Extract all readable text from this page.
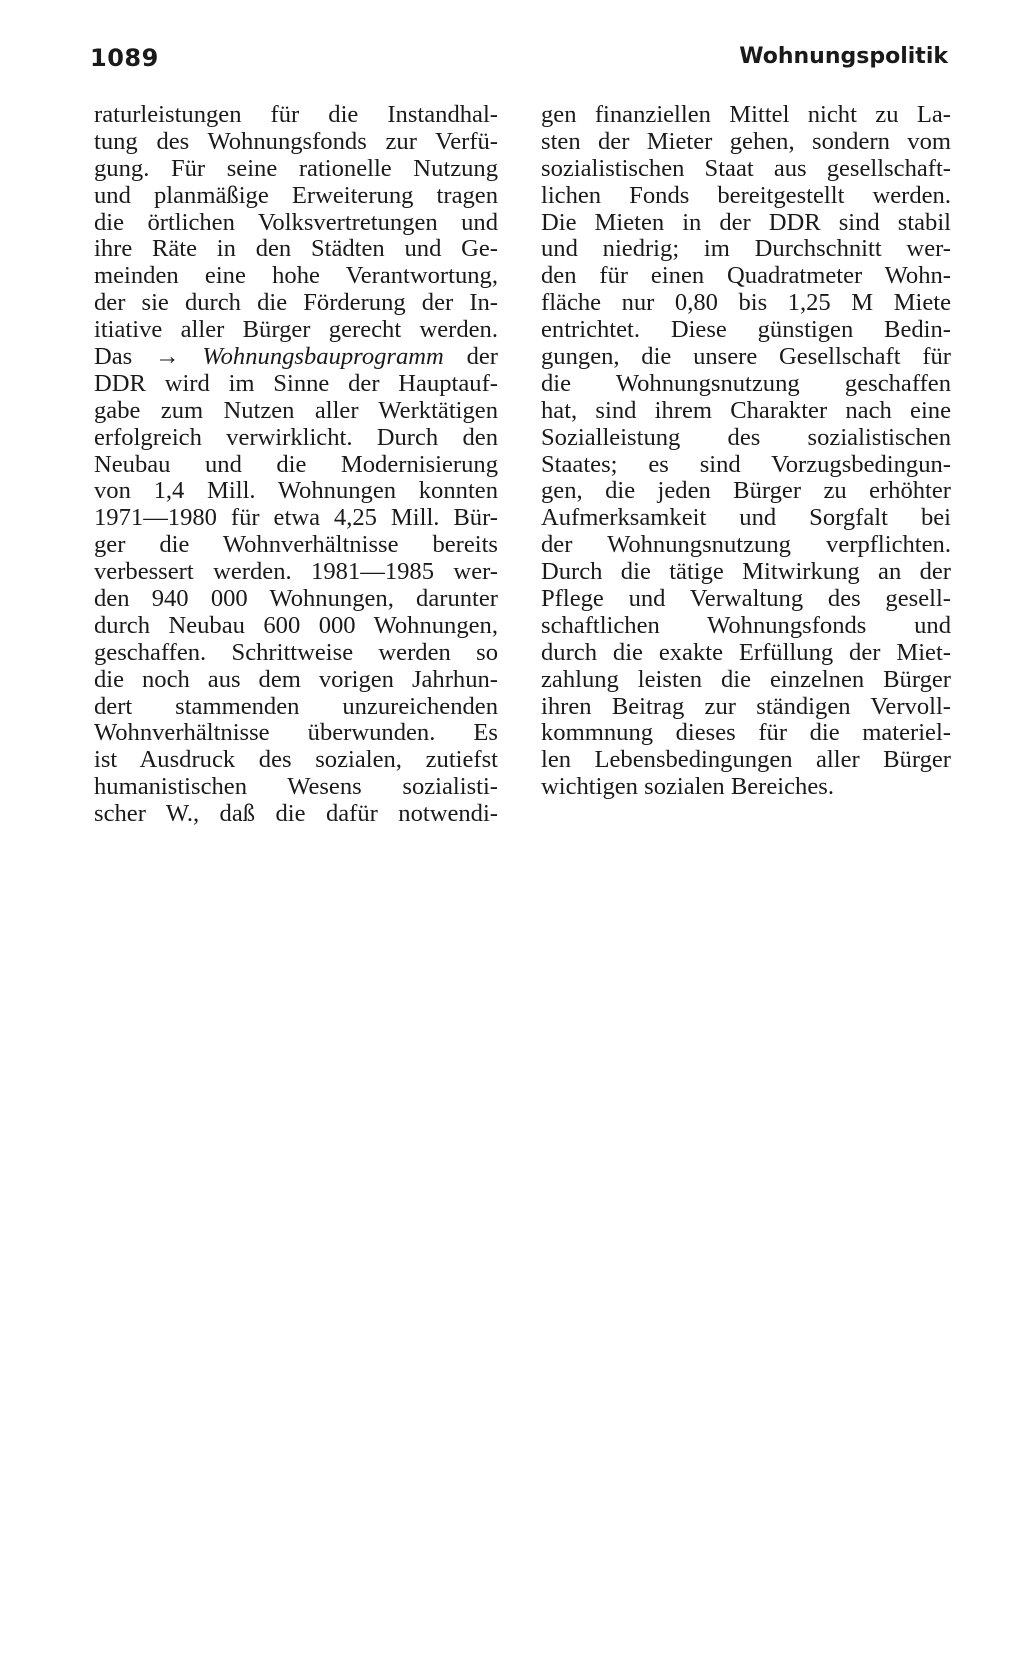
1089	Wohnungspolitik
raturleistungen für die Instandhal-
tung des Wohnungsfonds zur Verfü-
gung. Für seine rationelle Nutzung
und planmäßige Erweiterung tragen
die örtlichen Volksvertretungen und
ihre Räte in den Städten und Ge-
meinden eine hohe Verantwortung,
der sie durch die Förderung der In-
itiative aller Bürger gerecht werden.
Das → Wohnungsbauprogramm der
DDR wird im Sinne der Hauptauf-
gabe zum Nutzen aller Werktätigen
erfolgreich verwirklicht. Durch den
Neubau und die Modernisierung
von 1,4 Mill. Wohnungen konnten
1971—1980 für etwa 4,25 Mill. Bür-
ger die Wohnverhältnisse bereits
verbessert werden. 1981—1985 wer-
den 940 000 Wohnungen, darunter
durch Neubau 600 000 Wohnungen,
geschaffen. Schrittweise werden so
die noch aus dem vorigen Jahrhun-
dert stammenden unzureichenden
Wohnverhältnisse überwunden. Es
ist Ausdruck des sozialen, zutiefst
humanistischen Wesens sozialisti-
scher W., daß die dafür notwendi-
gen finanziellen Mittel nicht zu La-
sten der Mieter gehen, sondern vom
sozialistischen Staat aus gesellschaft-
lichen Fonds bereitgestellt werden.
Die Mieten in der DDR sind stabil
und niedrig; im Durchschnitt wer-
den für einen Quadratmeter Wohn-
fläche nur 0,80 bis 1,25 M Miete
entrichtet. Diese günstigen Bedin-
gungen, die unsere Gesellschaft für
die Wohnungsnutzung geschaffen
hat, sind ihrem Charakter nach eine
Sozialleistung des sozialistischen
Staates; es sind Vorzugsbedingun-
gen, die jeden Bürger zu erhöhter
Aufmerksamkeit und Sorgfalt bei
der Wohnungsnutzung verpflichten.
Durch die tätige Mitwirkung an der
Pflege und Verwaltung des gesell-
schaftlichen Wohnungsfonds und
durch die exakte Erfüllung der Miet-
zahlung leisten die einzelnen Bürger
ihren Beitrag zur ständigen Vervoll-
kommnung dieses für die materiel-
len Lebensbedingungen aller Bürger
wichtigen sozialen Bereiches.
